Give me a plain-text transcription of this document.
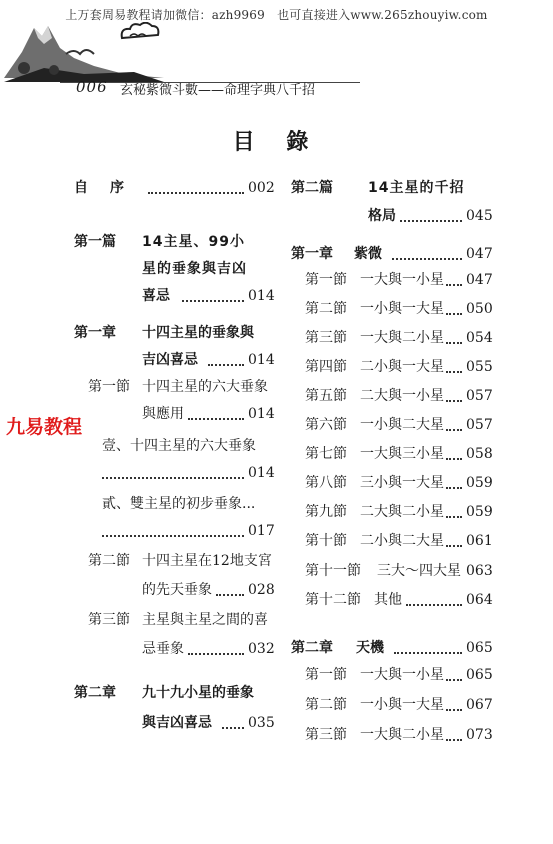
上万套周易教程请加微信：azh9969　也可直接进入www.265zhouyiw.com
006 玄秘紫微斗數——命理字典八千招
目 錄
九易教程
自　序	002
第一篇 14主星、99小
星的垂象與吉凶
喜忌	014
第一章 十四主星的垂象與
吉凶喜忌	014
第一節 十四主星的六大垂象
與應用	014
壹、十四主星的六大垂象
014
貳、雙主星的初步垂象...
017
第二節 十四主星在12地支宮
的先天垂象	028
第三節 主星與主星之間的喜
忌垂象	032
第二章 九十九小星的垂象
與吉凶喜忌	035
第二篇	14主星的千招
格局	045
第一章 紫微	047
第一節 一大與一小星 047
第二節 一小與一大星 050
第三節 一大與二小星 054
第四節 二小與一大星 055
第五節 二大與一小星 057
第六節 一小與二大星 057
第七節 一大與三小星 058
第八節 三小與一大星 059
第九節 二大與二小星 059
第十節 二小與二大星 061
第十一節 三大～四大星 063
第十二節 其他	064
第二章 天機	065
第一節 一大與一小星 065
第二節 一小與一大星 067
第三節 一大與二小星 073
